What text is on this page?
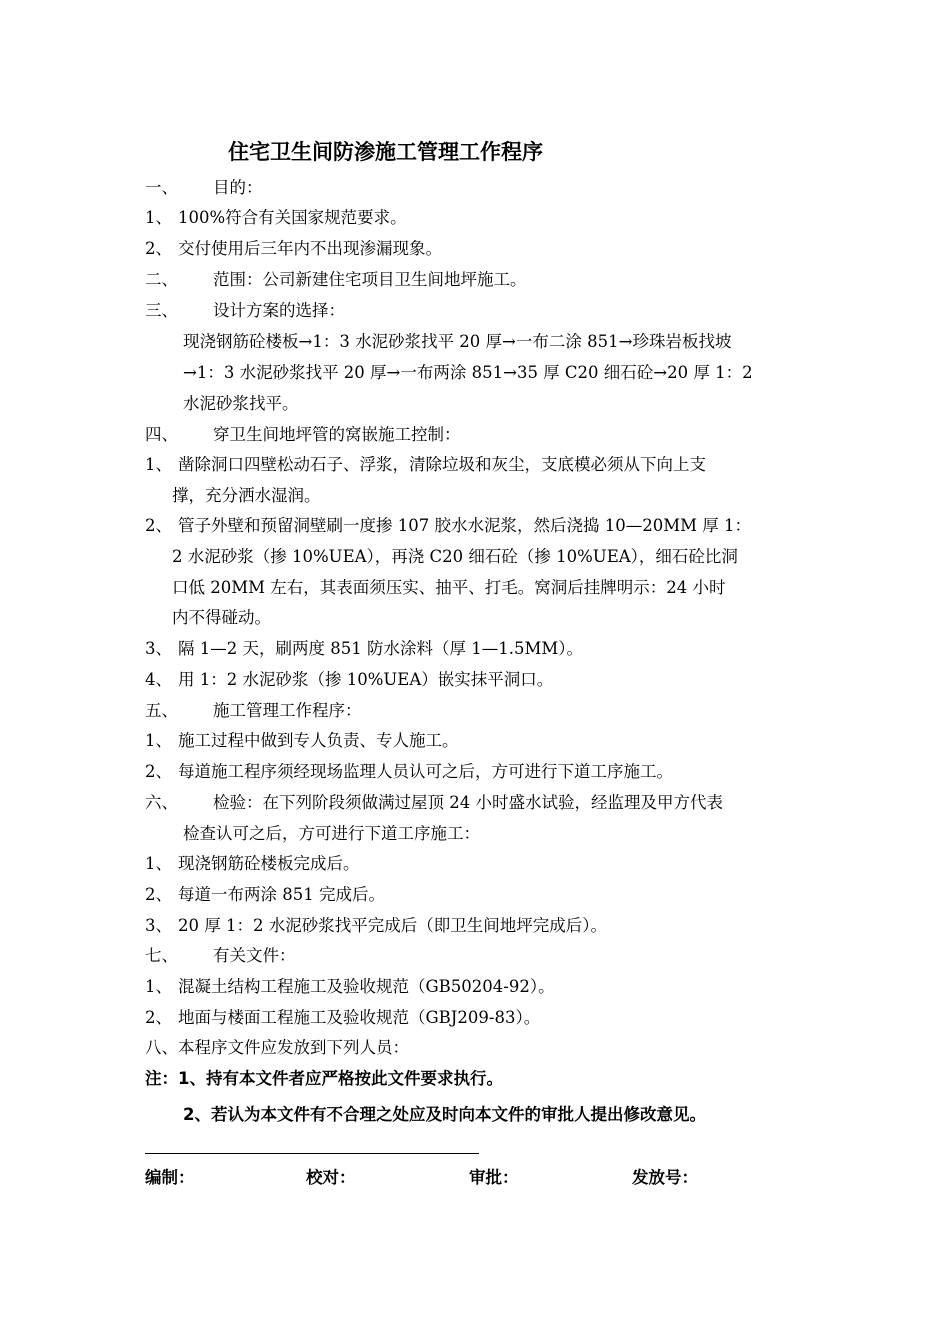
住宅卫生间防渗施工管理工作程序
一、 目的：
1、 100%符合有关国家规范要求。
2、 交付使用后三年内不出现渗漏现象。
二、 范围：公司新建住宅项目卫生间地坪施工。
三、 设计方案的选择：
现浇钢筋砼楼板→1：3 水泥砂浆找平 20 厚→一布二涂 851→珍珠岩板找坡
→1：3 水泥砂浆找平 20 厚→一布两涂 851→35 厚 C20 细石砼→20 厚 1：2
水泥砂浆找平。
四、 穿卫生间地坪管的窝嵌施工控制：
1、 凿除洞口四壁松动石子、浮浆，清除垃圾和灰尘，支底模必须从下向上支
撑，充分洒水湿润。
2、 管子外壁和预留洞壁刷一度掺 107 胶水水泥浆，然后浇捣 10—20MM 厚 1：
2 水泥砂浆（掺 10%UEA），再浇 C20 细石砼（掺 10%UEA），细石砼比洞
口低 20MM 左右，其表面须压实、抽平、打毛。窝洞后挂牌明示：24 小时
内不得碰动。
3、 隔 1—2 天，刷两度 851 防水涂料（厚 1—1.5MM）。
4、 用 1：2 水泥砂浆（掺 10%UEA）嵌实抹平洞口。
五、 施工管理工作程序：
1、 施工过程中做到专人负责、专人施工。
2、 每道施工程序须经现场监理人员认可之后，方可进行下道工序施工。
六、 检验：在下列阶段须做满过屋顶 24 小时盛水试验，经监理及甲方代表
检查认可之后，方可进行下道工序施工：
1、 现浇钢筋砼楼板完成后。
2、 每道一布两涂 851 完成后。
3、 20 厚 1：2 水泥砂浆找平完成后（即卫生间地坪完成后）。
七、 有关文件：
1、 混凝土结构工程施工及验收规范（GB50204-92）。
2、 地面与楼面工程施工及验收规范（GBJ209-83）。
八、本程序文件应发放到下列人员：
注：1、持有本文件者应严格按此文件要求执行。
2、若认为本文件有不合理之处应及时向本文件的审批人提出修改意见。
编制：	校对：	审批：	发放号：
